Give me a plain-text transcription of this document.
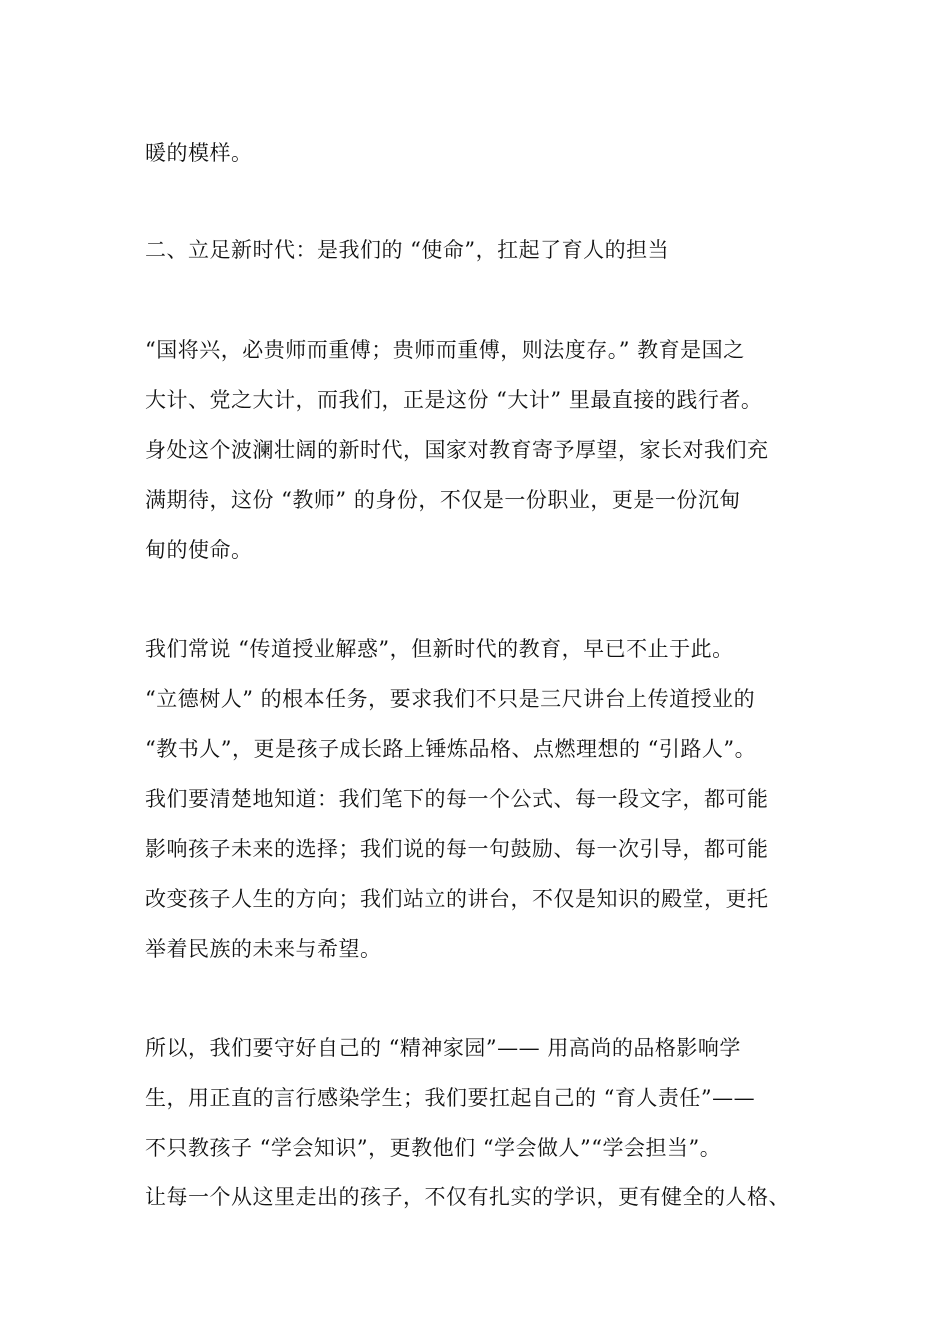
暖的模样。
二、立足新时代：是我们的 “使命”，扛起了育人的担当
“国将兴，必贵师而重傅；贵师而重傅，则法度存。” 教育是国之
大计、党之大计，而我们，正是这份 “大计” 里最直接的践行者。
身处这个波澜壮阔的新时代，国家对教育寄予厚望，家长对我们充
满期待，这份 “教师” 的身份，不仅是一份职业，更是一份沉甸
甸的使命。
我们常说 “传道授业解惑”，但新时代的教育，早已不止于此。
“立德树人” 的根本任务，要求我们不只是三尺讲台上传道授业的
“教书人”，更是孩子成长路上锤炼品格、点燃理想的 “引路人”。
我们要清楚地知道：我们笔下的每一个公式、每一段文字，都可能
影响孩子未来的选择；我们说的每一句鼓励、每一次引导，都可能
改变孩子人生的方向；我们站立的讲台，不仅是知识的殿堂，更托
举着民族的未来与希望。
所以，我们要守好自己的 “精神家园”—— 用高尚的品格影响学
生，用正直的言行感染学生；我们要扛起自己的 “育人责任”——
不只教孩子 “学会知识”，更教他们 “学会做人”“学会担当”。
让每一个从这里走出的孩子，不仅有扎实的学识，更有健全的人格、
